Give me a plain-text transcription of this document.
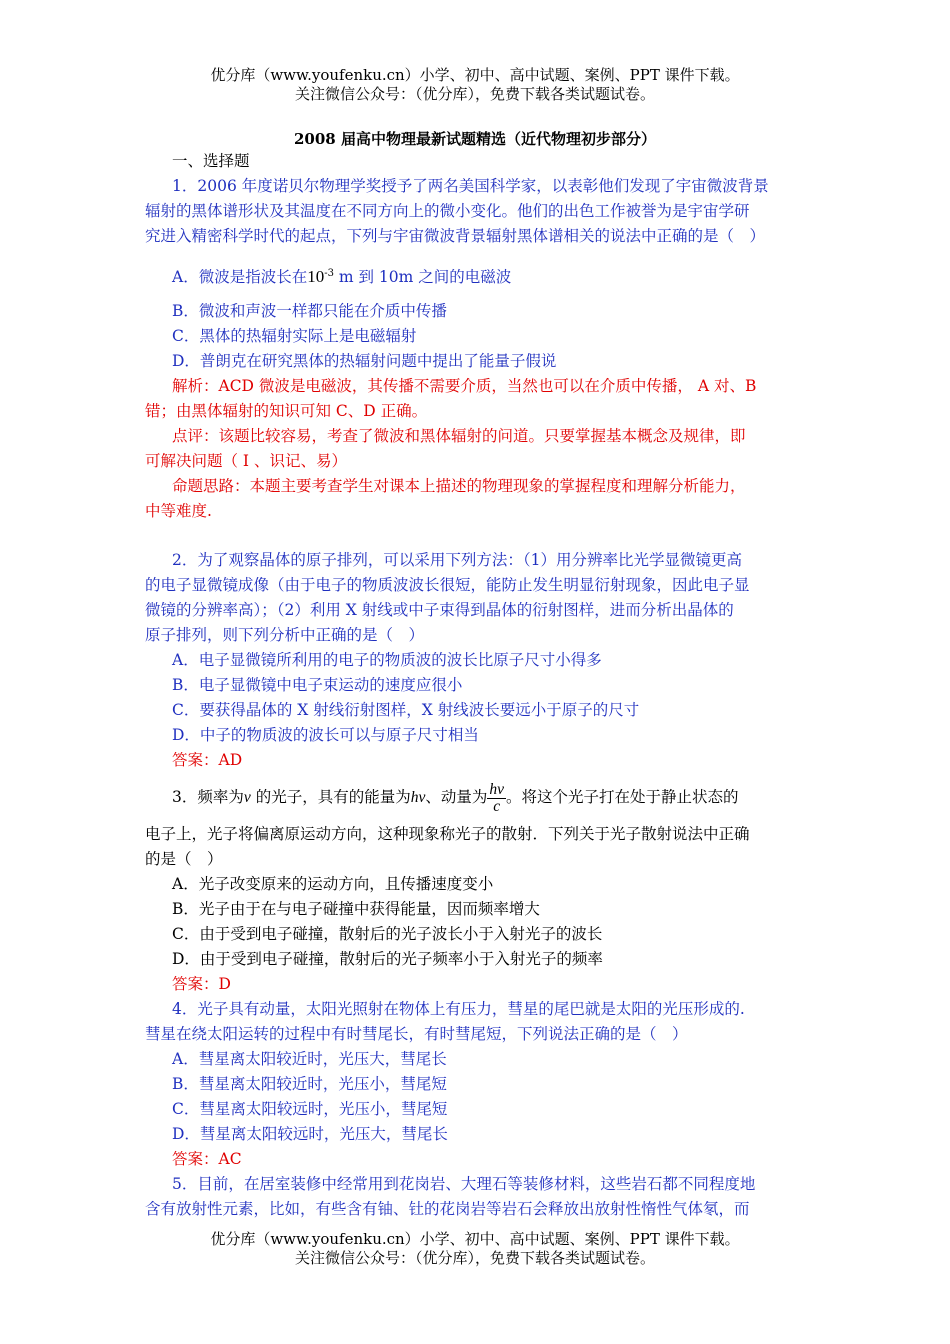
优分库（www.youfenku.cn）小学、初中、高中试题、案例、PPT 课件下载。
关注微信公众号：（优分库），免费下载各类试题试卷。
2008 届高中物理最新试题精选（近代物理初步部分）
一、选择题
1．2006 年度诺贝尔物理学奖授予了两名美国科学家，以表彰他们发现了宇宙微波背景
辐射的黑体谱形状及其温度在不同方向上的微小变化。他们的出色工作被誉为是宇宙学研
究进入精密科学时代的起点，下列与宇宙微波背景辐射黑体谱相关的说法中正确的是（　）
A．微波是指波长在$10^{-3}$ m 到 10m 之间的电磁波
B．微波和声波一样都只能在介质中传播
C．黑体的热辐射实际上是电磁辐射
D．普朗克在研究黑体的热辐射问题中提出了能量子假说
解析：ACD 微波是电磁波，其传播不需要介质，当然也可以在介质中传播， A 对、B
错；由黑体辐射的知识可知 C、D 正确。
点评：该题比较容易，考查了微波和黑体辐射的问道。只要掌握基本概念及规律，即
可解决问题（ Ⅰ 、识记、易）
命题思路：本题主要考查学生对课本上描述的物理现象的掌握程度和理解分析能力，
中等难度.
2．为了观察晶体的原子排列，可以采用下列方法：（1）用分辨率比光学显微镜更高
的电子显微镜成像（由于电子的物质波波长很短，能防止发生明显衍射现象，因此电子显
微镜的分辨率高）；（2）利用 X 射线或中子束得到晶体的衍射图样，进而分析出晶体的
原子排列，则下列分析中正确的是（　）
A．电子显微镜所利用的电子的物质波的波长比原子尺寸小得多
B．电子显微镜中电子束运动的速度应很小
C．要获得晶体的 X 射线衍射图样，X 射线波长要远小于原子的尺寸
D．中子的物质波的波长可以与原子尺寸相当
答案：AD
3．频率为ν 的光子，具有的能量为hν、动量为 $\frac{h\nu}{c}$ 。将这个光子打在处于静止状态的
电子上，光子将偏离原运动方向，这种现象称光子的散射．下列关于光子散射说法中正确
的是（　）
A．光子改变原来的运动方向，且传播速度变小
B．光子由于在与电子碰撞中获得能量，因而频率增大
C．由于受到电子碰撞，散射后的光子波长小于入射光子的波长
D．由于受到电子碰撞，散射后的光子频率小于入射光子的频率
答案：D
4．光子具有动量，太阳光照射在物体上有压力，彗星的尾巴就是太阳的光压形成的.
彗星在绕太阳运转的过程中有时彗尾长，有时彗尾短，下列说法正确的是（　）
A．彗星离太阳较近时，光压大，彗尾长
B．彗星离太阳较近时，光压小，彗尾短
C．彗星离太阳较远时，光压小，彗尾短
D．彗星离太阳较远时，光压大，彗尾长
答案：AC
5．目前，在居室装修中经常用到花岗岩、大理石等装修材料，这些岩石都不同程度地
含有放射性元素，比如，有些含有铀、钍的花岗岩等岩石会释放出放射性惰性气体氡，而
优分库（www.youfenku.cn）小学、初中、高中试题、案例、PPT 课件下载。
关注微信公众号：（优分库），免费下载各类试题试卷。
